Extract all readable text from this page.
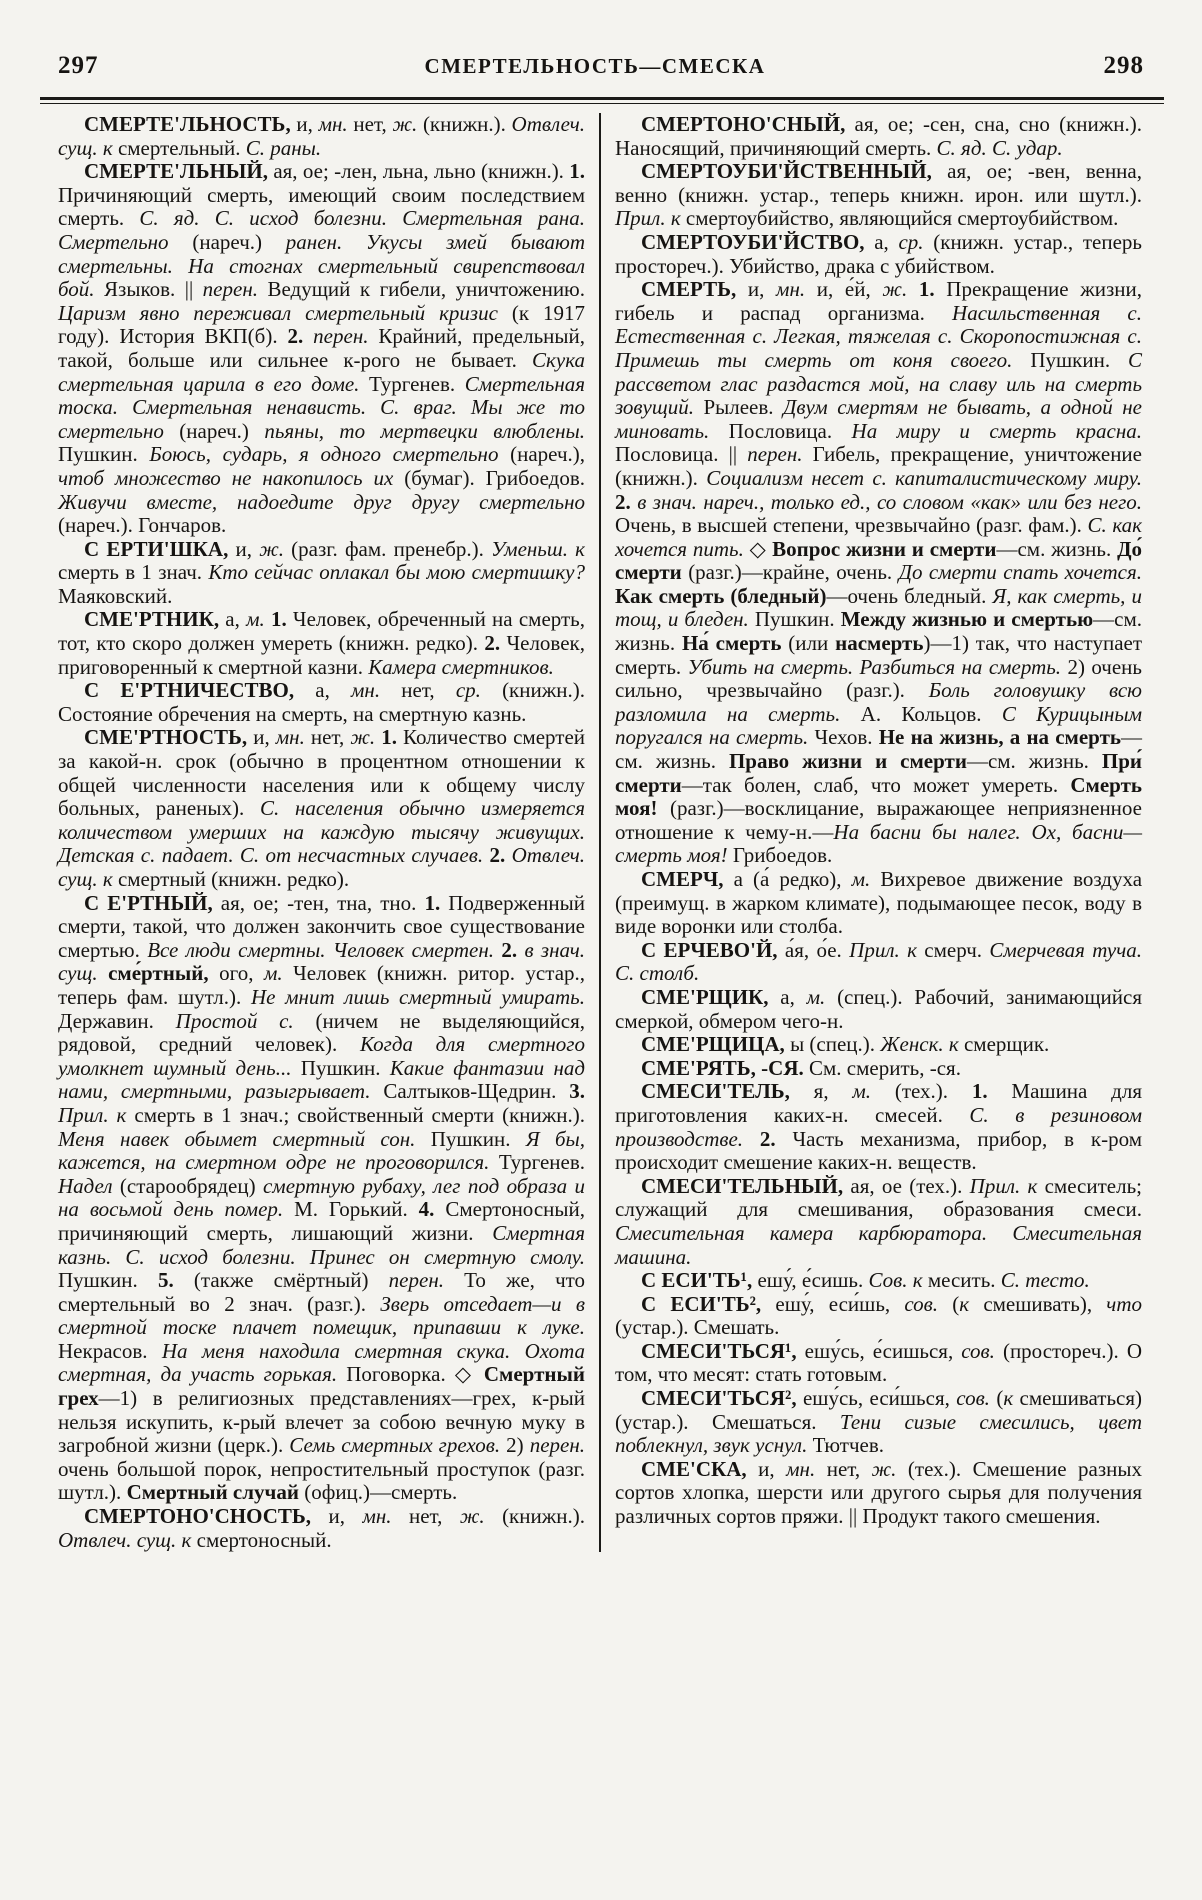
297	СМЕРТЕЛЬНОСТЬ—СМЕСКА	298

СМЕРТЕ'ЛЬНОСТЬ, и, мн. нет, ж. (книжн.). Отвлеч. сущ. к смертельный. С. раны.

СМЕРТЕ'ЛЬНЫЙ, ая, ое; -лен, льна, льно (книжн.). 1. Причиняющий смерть, имеющий своим последствием смерть. С. яд. С. исход болезни. Смертельная рана. Смертельно (нареч.) ранен. Укусы змей бывают смертельны. На стогнах смертельный свирепствовал бой. Языков. || перен. Ведущий к гибели, уничтожению. Царизм явно переживал смертельный кризис (к 1917 году). История ВКП(б). 2. перен. Крайний, предельный, такой, больше или сильнее к-рого не бывает. Скука смертельная царила в его доме. Тургенев. Смертельная тоска. Смертельная ненависть. С. враг. Мы же то смертельно (нареч.) пьяны, то мертвецки влюблены. Пушкин. Боюсь, сударь, я одного смертельно (нареч.), чтоб множество не накопилось их (бумаг). Грибоедов. Живучи вместе, надоедите друг другу смертельно (нареч.). Гончаров.

С ЕРТИ'ШКА, и, ж. (разг. фам. пренебр.). Уменьш. к смерть в 1 знач. Кто сейчас оплакал бы мою смертишку? Маяковский.

СМЕ'РТНИК, а, м. 1. Человек, обреченный на смерть, тот, кто скоро должен умереть (книжн. редко). 2. Человек, приговоренный к смертной казни. Камера смертников.

С Е'РТНИЧЕСТВО, а, мн. нет, ср. (книжн.). Состояние обречения на смерть, на смертную казнь.

СМЕ'РТНОСТЬ, и, мн. нет, ж. 1. Количество смертей за какой-н. срок (обычно в процентном отношении к общей численности населения или к общему числу больных, раненых). С. населения обычно измеряется количеством умерших на каждую тысячу живущих. Детская с. падает. С. от несчастных случаев. 2. Отвлеч. сущ. к смертный (книжн. редко).

С Е'РТНЫЙ, ая, ое; -тен, тна, тно. 1. Подверженный смерти, такой, что должен закончить свое существование смертью. Все люди смертны. Человек смертен. 2. в знач. сущ. сме́ртный, ого, м. Человек (книжн. ритор. устар., теперь фам. шутл.). Не мнит лишь смертный умирать. Державин. Простой с. (ничем не выделяющийся, рядовой, средний человек). Когда для смертного умолкнет шумный день... Пушкин. Какие фантазии над нами, смертными, разыгрывает. Салтыков-Щедрин. 3. Прил. к смерть в 1 знач.; свойственный смерти (книжн.). Меня навек обымет смертный сон. Пушкин. Я бы, кажется, на смертном одре не проговорился. Тургенев. Надел (старообрядец) смертную рубаху, лег под образа и на восьмой день помер. М. Горький. 4. Смертоносный, причиняющий смерть, лишающий жизни. Смертная казнь. С. исход болезни. Принес он смертную смолу. Пушкин. 5. (также смёртный) перен. То же, что смертельный во 2 знач. (разг.). Зверь отседает—и в смертной тоске плачет помещик, припавши к луке. Некрасов. На меня находила смертная скука. Охота смертная, да участь горькая. Поговорка. ◇ Смертный грех—1) в религиозных представлениях—грех, к-рый нельзя искупить, к-рый влечет за собою вечную муку в загробной жизни (церк.). Семь смертных грехов. 2) перен. очень большой порок, непростительный проступок (разг. шутл.). Смертный случай (офиц.)—смерть.

СМЕРТОНО'СНОСТЬ, и, мн. нет, ж. (книжн.). Отвлеч. сущ. к смертоносный.

СМЕРТОНО'СНЫЙ, ая, ое; -сен, сна, сно (книжн.). Наносящий, причиняющий смерть. С. яд. С. удар.

СМЕРТОУБИ'ЙСТВЕННЫЙ, ая, ое; -вен, венна, венно (книжн. устар., теперь книжн. ирон. или шутл.). Прил. к смертоубийство, являющийся смертоубийством.

СМЕРТОУБИ'ЙСТВО, а, ср. (книжн. устар., теперь простореч.). Убийство, драка с убийством.

СМЕРТЬ, и, мн. и, е́й, ж. 1. Прекращение жизни, гибель и распад организма. Насильственная с. Естественная с. Легкая, тяжелая с. Скоропостижная с. Примешь ты смерть от коня своего. Пушкин. С рассветом глас раздастся мой, на славу иль на смерть зовущий. Рылеев. Двум смертям не бывать, а одной не миновать. Пословица. На миру и смерть красна. Пословица. || перен. Гибель, прекращение, уничтожение (книжн.). Социализм несет с. капиталистическому миру. 2. в знач. нареч., только ед., со словом «как» или без него. Очень, в высшей степени, чрезвычайно (разг. фам.). С. как хочется пить. ◇ Вопрос жизни и смерти—см. жизнь. До́ смерти (разг.)—крайне, очень. До смерти спать хочется. Как смерть (бледный)—очень бледный. Я, как смерть, и тощ, и бледен. Пушкин. Между жизнью и смертью—см. жизнь. На́ смерть (или насмерть)—1) так, что наступает смерть. Убить на смерть. Разбиться на смерть. 2) очень сильно, чрезвычайно (разг.). Боль головушку всю разломила на смерть. А. Кольцов. С Курицыным поругался на смерть. Чехов. Не на жизнь, а на смерть—см. жизнь. Право жизни и смерти—см. жизнь. При́ смерти—так болен, слаб, что может умереть. Смерть моя! (разг.)—восклицание, выражающее неприязненное отношение к чему-н.—На басни бы налег. Ох, басни—смерть моя! Грибоедов.

СМЕРЧ, а (а́ редко), м. Вихревое движение воздуха (преимущ. в жарком климате), подымающее песок, воду в виде воронки или столба.

С ЕРЧЕВО'Й, а́я, о́е. Прил. к смерч. Смерчевая туча. С. столб.

СМЕ'РЩИК, а, м. (спец.). Рабочий, занимающийся смеркой, обмером чего-н.

СМЕ'РЩИЦА, ы (спец.). Женск. к смерщик.

СМЕ'РЯТЬ, -СЯ. См. смерить, -ся.

СМЕСИ'ТЕЛЬ, я, м. (тех.). 1. Машина для приготовления каких-н. смесей. С. в резиновом производстве. 2. Часть механизма, прибор, в к-ром происходит смешение каких-н. веществ.

СМЕСИ'ТЕЛЬНЫЙ, ая, ое (тех.). Прил. к смеситель; служащий для смешивания, образования смеси. Смесительная камера карбюратора. Смесительная машина.

С ЕСИ'ТЬ¹, ешу́, е́сишь. Сов. к месить. С. тесто.

С ЕСИ'ТЬ², ешу́, еси́шь, сов. (к смешивать), что (устар.). Смешать.

СМЕСИ'ТЬСЯ¹, ешу́сь, е́сишься, сов. (простореч.). О том, что месят: стать готовым.

СМЕСИ'ТЬСЯ², ешу́сь, еси́шься, сов. (к смешиваться) (устар.). Смешаться. Тени сизые смесились, цвет поблекнул, звук уснул. Тютчев.

СМЕ'СКА, и, мн. нет, ж. (тех.). Смешение разных сортов хлопка, шерсти или другого сырья для получения различных сортов пряжи. || Продукт такого смешения.
